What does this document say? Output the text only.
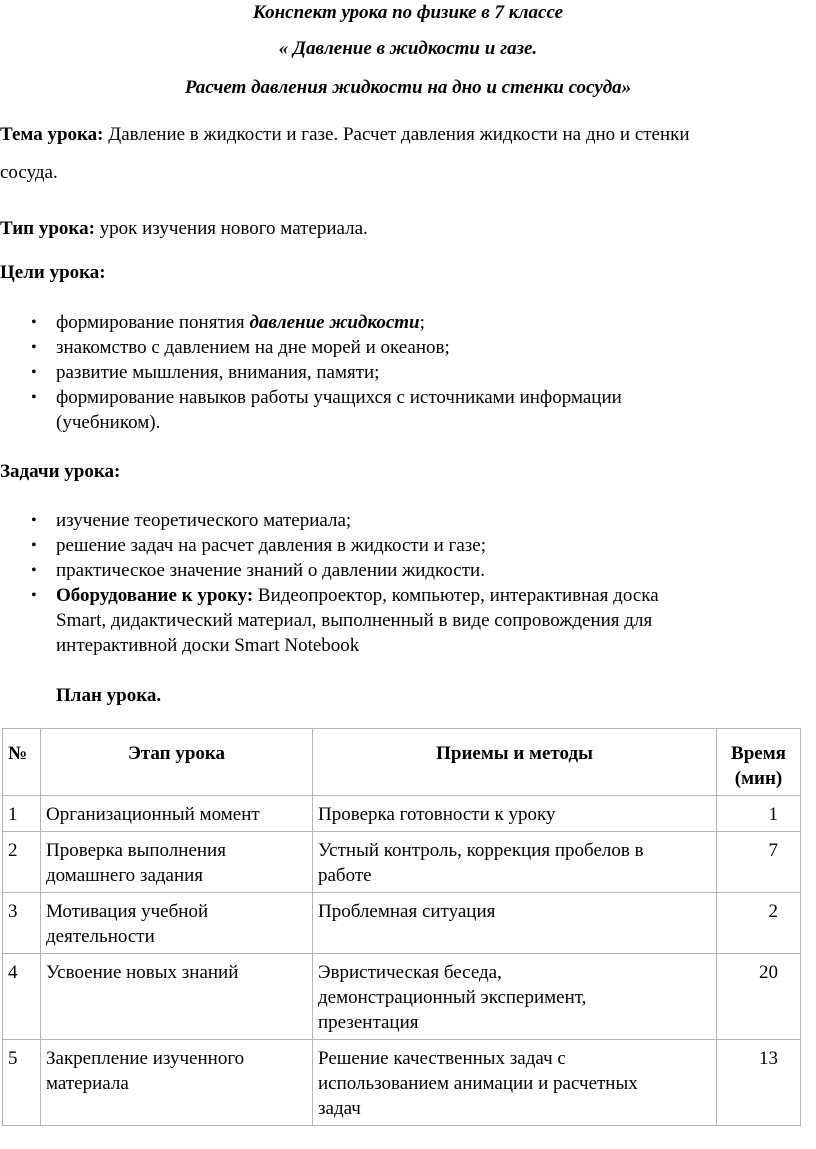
Конспект урока по физике в 7 классе
« Давление в жидкости и газе.
Расчет давления жидкости на дно и стенки сосуда»
Тема урока: Давление в жидкости и газе. Расчет давления жидкости на дно и стенки
сосуда.
Тип урока: урок изучения нового материала.
Цели урока:
• формирование понятия давление жидкости;
• знакомство с давлением на дне морей и океанов;
• развитие мышления, внимания, памяти;
• формирование навыков работы учащихся с источниками информации
(учебником).
Задачи урока:
• изучение теоретического материала;
• решение задач на расчет давления в жидкости и газе;
• практическое значение знаний о давлении жидкости.
• Оборудование к уроку: Видеопроектор, компьютер, интерактивная доска
Smart, дидактический материал, выполненный в виде сопровождения для
интерактивной доски Smart Notebook
План урока.
№	Этап урока	Приемы и методы	Время
(мин)
1	Организационный момент	Проверка готовности к уроку	1
2	Проверка выполнения
домашнего задания	Устный контроль, коррекция пробелов в
работе	7
3	Мотивация учебной
деятельности	Проблемная ситуация	2
4	Усвоение новых знаний	Эвристическая беседа,
демонстрационный эксперимент,
презентация	20
5	Закрепление изученного
материала	Решение качественных задач с
использованием анимации и расчетных
задач	13
